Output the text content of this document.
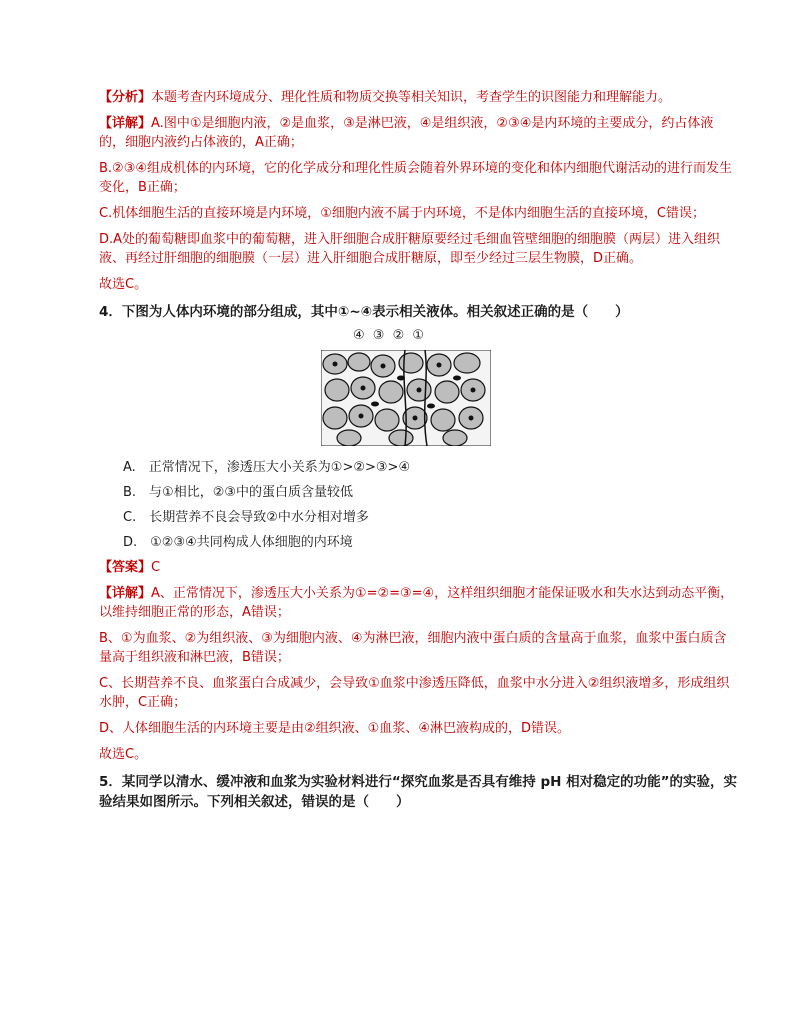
【分析】本题考查内环境成分、理化性质和物质交换等相关知识，考查学生的识图能力和理解能力。

【详解】A.图中①是细胞内液，②是血浆，③是淋巴液，④是组织液，②③④是内环境的主要成分，约占体液的，细胞内液约占体液的，A正确；

B.②③④组成机体的内环境，它的化学成分和理化性质会随着外界环境的变化和体内细胞代谢活动的进行而发生变化，B正确；

C.机体细胞生活的直接环境是内环境，①细胞内液不属于内环境，不是体内细胞生活的直接环境，C错误；

D.A处的葡萄糖即血浆中的葡萄糖，进入肝细胞合成肝糖原要经过毛细血管壁细胞的细胞膜（两层）进入组织液、再经过肝细胞的细胞膜（一层）进入肝细胞合成肝糖原，即至少经过三层生物膜，D正确。

故选C。

4．下图为人体内环境的部分组成，其中①~④表示相关液体。相关叙述正确的是（　　）

④ ③ ② ①

A.　正常情况下，渗透压大小关系为①>②>③>④

B.　与①相比，②③中的蛋白质含量较低

C.　长期营养不良会导致②中水分相对增多

D.　①②③④共同构成人体细胞的内环境

【答案】C

【详解】A、正常情况下，渗透压大小关系为①=②=③=④，这样组织细胞才能保证吸水和失水达到动态平衡，以维持细胞正常的形态，A错误；

B、①为血浆、②为组织液、③为细胞内液、④为淋巴液，细胞内液中蛋白质的含量高于血浆，血浆中蛋白质含量高于组织液和淋巴液，B错误；

C、长期营养不良、血浆蛋白合成减少，会导致①血浆中渗透压降低，血浆中水分进入②组织液增多，形成组织水肿，C正确；

D、人体细胞生活的内环境主要是由②组织液、①血浆、④淋巴液构成的，D错误。

故选C。

5．某同学以清水、缓冲液和血浆为实验材料进行“探究血浆是否具有维持 pH 相对稳定的功能”的实验，实验结果如图所示。下列相关叙述，错误的是（　　）
